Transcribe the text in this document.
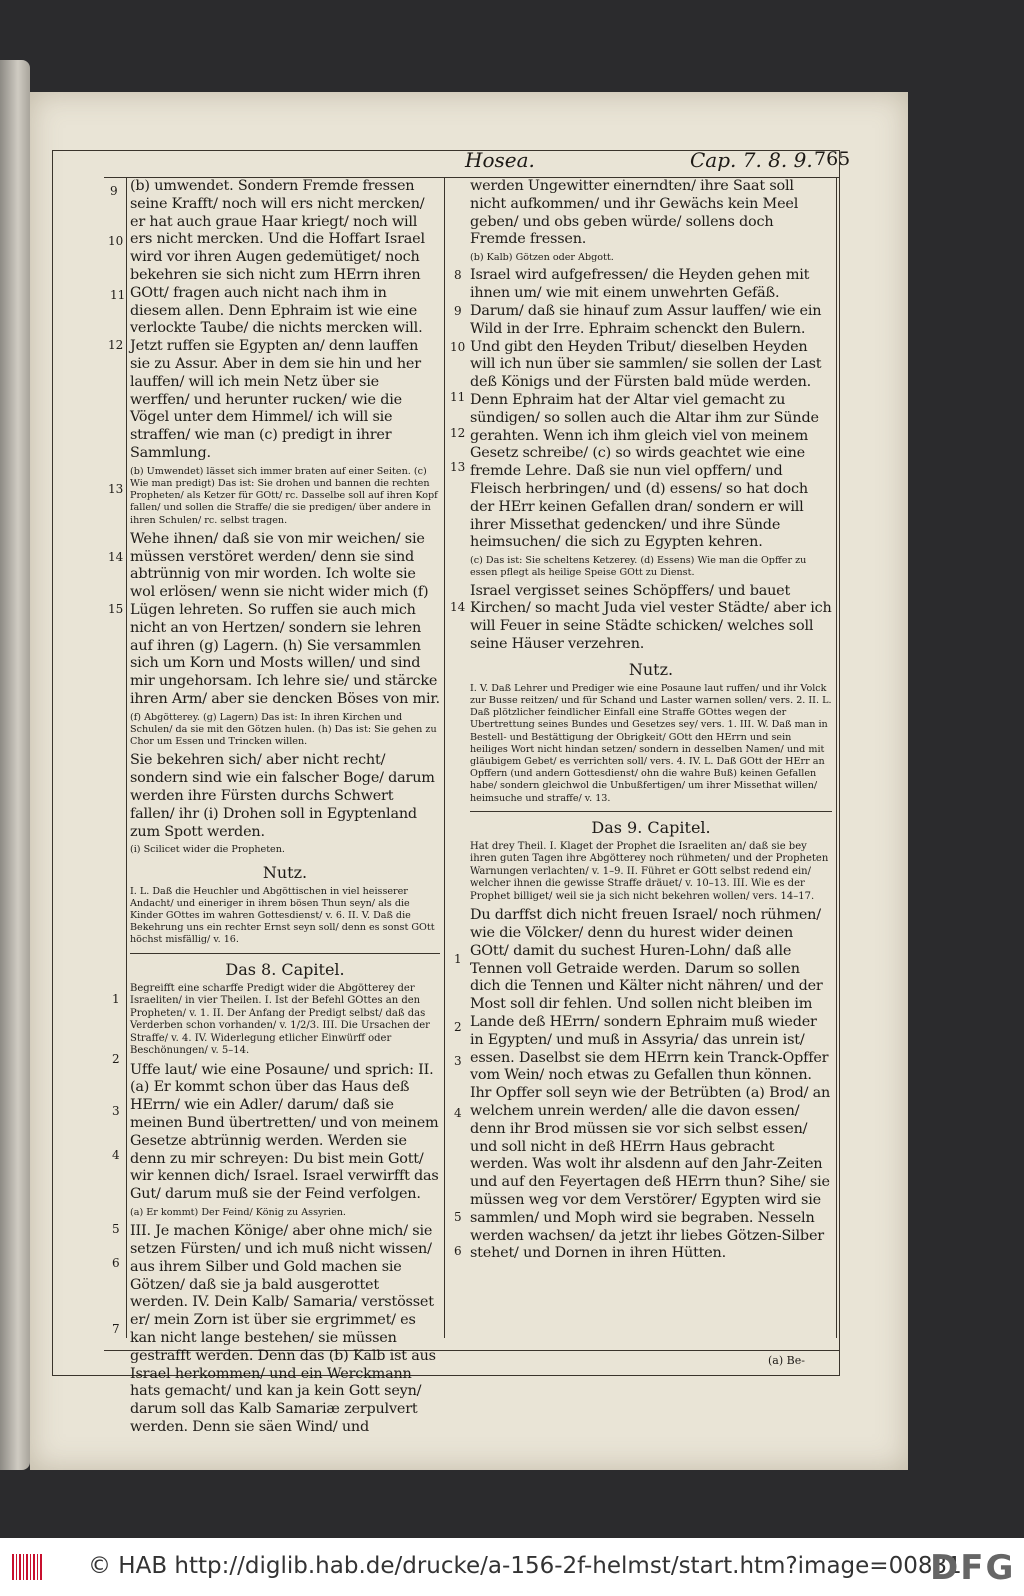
Hosea.	Cap. 7. 8. 9. 765
9
10
11
12
13
14
15
1
2
3
4
5
6
7
8
9
10
11
12
13
14
1
2
3
4
5
6

(b) umwendet. Sondern Fremde fressen seine Krafft/ noch will ers nicht mercken/ er hat auch graue Haar kriegt/ noch will ers nicht mercken. Und die Hoffart Israel wird vor ihren Augen gedemütiget/ noch bekehren sie sich nicht zum HErrn ihren GOtt/ fragen auch nicht nach ihm in diesem allen. Denn Ephraim ist wie eine verlockte Taube/ die nichts mercken will. Jetzt ruffen sie Egypten an/ denn lauffen sie zu Assur. Aber in dem sie hin und her lauffen/ will ich mein Netz über sie werffen/ und herunter rucken/ wie die Vögel unter dem Himmel/ ich will sie straffen/ wie man (c) predigt in ihrer Sammlung.

(b) Umwendet) lässet sich immer braten auf einer Seiten. (c) Wie man predigt) Das ist: Sie drohen und bannen die rechten Propheten/ als Ketzer für GOtt/ rc. Dasselbe soll auf ihren Kopf fallen/ und sollen die Straffe/ die sie predigen/ über andere in ihren Schulen/ rc. selbst tragen.

Wehe ihnen/ daß sie von mir weichen/ sie müssen verstöret werden/ denn sie sind abtrünnig von mir worden. Ich wolte sie wol erlösen/ wenn sie nicht wider mich (f) Lügen lehreten. So ruffen sie auch mich nicht an von Hertzen/ sondern sie lehren auf ihren (g) Lagern. (h) Sie versammlen sich um Korn und Mosts willen/ und sind mir ungehorsam. Ich lehre sie/ und stärcke ihren Arm/ aber sie dencken Böses von mir.

(f) Abgötterey. (g) Lagern) Das ist: In ihren Kirchen und Schulen/ da sie mit den Götzen hulen. (h) Das ist: Sie gehen zu Chor um Essen und Trincken willen.

Sie bekehren sich/ aber nicht recht/ sondern sind wie ein falscher Boge/ darum werden ihre Fürsten durchs Schwert fallen/ ihr (i) Drohen soll in Egyptenland zum Spott werden.

(i) Scilicet wider die Propheten.

Nutz.

I. L. Daß die Heuchler und Abgöttischen in viel heisserer Andacht/ und eineriger in ihrem bösen Thun seyn/ als die Kinder GOttes im wahren Gottesdienst/ v. 6. II. V. Daß die Bekehrung uns ein rechter Ernst seyn soll/ denn es sonst GOtt höchst misfällig/ v. 16.

Das 8. Capitel.

Begreifft eine scharffe Predigt wider die Abgötterey der Israeliten/ in vier Theilen. I. Ist der Befehl GOttes an den Propheten/ v. 1. II. Der Anfang der Predigt selbst/ daß das Verderben schon vorhanden/ v. 1/2/3. III. Die Ursachen der Straffe/ v. 4. IV. Widerlegung etlicher Einwürff oder Beschönungen/ v. 5–14.

Uffe laut/ wie eine Posaune/ und sprich: II. (a) Er kommt schon über das Haus deß HErrn/ wie ein Adler/ darum/ daß sie meinen Bund übertretten/ und von meinem Gesetze abtrünnig werden. Werden sie denn zu mir schreyen: Du bist mein Gott/ wir kennen dich/ Israel. Israel verwirfft das Gut/ darum muß sie der Feind verfolgen.

(a) Er kommt) Der Feind/ König zu Assyrien.

III. Je machen Könige/ aber ohne mich/ sie setzen Fürsten/ und ich muß nicht wissen/ aus ihrem Silber und Gold machen sie Götzen/ daß sie ja bald ausgerottet werden. IV. Dein Kalb/ Samaria/ verstösset er/ mein Zorn ist über sie ergrimmet/ es kan nicht lange bestehen/ sie müssen gestrafft werden. Denn das (b) Kalb ist aus Israel herkommen/ und ein Werckmann hats gemacht/ und kan ja kein Gott seyn/ darum soll das Kalb Samariæ zerpulvert werden. Denn sie säen Wind/ und

werden Ungewitter einerndten/ ihre Saat soll nicht aufkommen/ und ihr Gewächs kein Meel geben/ und obs geben würde/ sollens doch Fremde fressen.

(b) Kalb) Götzen oder Abgott.

Israel wird aufgefressen/ die Heyden gehen mit ihnen um/ wie mit einem unwehrten Gefäß. Darum/ daß sie hinauf zum Assur lauffen/ wie ein Wild in der Irre. Ephraim schenckt den Bulern. Und gibt den Heyden Tribut/ dieselben Heyden will ich nun über sie sammlen/ sie sollen der Last deß Königs und der Fürsten bald müde werden. Denn Ephraim hat der Altar viel gemacht zu sündigen/ so sollen auch die Altar ihm zur Sünde gerahten. Wenn ich ihm gleich viel von meinem Gesetz schreibe/ (c) so wirds geachtet wie eine fremde Lehre. Daß sie nun viel opffern/ und Fleisch herbringen/ und (d) essens/ so hat doch der HErr keinen Gefallen dran/ sondern er will ihrer Missethat gedencken/ und ihre Sünde heimsuchen/ die sich zu Egypten kehren.

(c) Das ist: Sie scheltens Ketzerey. (d) Essens) Wie man die Opffer zu essen pflegt als heilige Speise GOtt zu Dienst.

Israel vergisset seines Schöpffers/ und bauet Kirchen/ so macht Juda viel vester Städte/ aber ich will Feuer in seine Städte schicken/ welches soll seine Häuser verzehren.

Nutz.

I. V. Daß Lehrer und Prediger wie eine Posaune laut ruffen/ und ihr Volck zur Busse reitzen/ und für Schand und Laster warnen sollen/ vers. 2. II. L. Daß plötzlicher feindlicher Einfall eine Straffe GOttes wegen der Ubertrettung seines Bundes und Gesetzes sey/ vers. 1. III. W. Daß man in Bestell- und Bestättigung der Obrigkeit/ GOtt den HErrn und sein heiliges Wort nicht hindan setzen/ sondern in desselben Namen/ und mit gläubigem Gebet/ es verrichten soll/ vers. 4. IV. L. Daß GOtt der HErr an Opffern (und andern Gottesdienst/ ohn die wahre Buß) keinen Gefallen habe/ sondern gleichwol die Unbußfertigen/ um ihrer Missethat willen/ heimsuche und straffe/ v. 13.

Das 9. Capitel.

Hat drey Theil. I. Klaget der Prophet die Israeliten an/ daß sie bey ihren guten Tagen ihre Abgötterey noch rühmeten/ und der Propheten Warnungen verlachten/ v. 1–9. II. Führet er GOtt selbst redend ein/ welcher ihnen die gewisse Straffe dräuet/ v. 10–13. III. Wie es der Prophet billiget/ weil sie ja sich nicht bekehren wollen/ vers. 14–17.

Du darffst dich nicht freuen Israel/ noch rühmen/ wie die Völcker/ denn du hurest wider deinen GOtt/ damit du suchest Huren-Lohn/ daß alle Tennen voll Getraide werden. Darum so sollen dich die Tennen und Kälter nicht nähren/ und der Most soll dir fehlen. Und sollen nicht bleiben im Lande deß HErrn/ sondern Ephraim muß wieder in Egypten/ und muß in Assyria/ das unrein ist/ essen. Daselbst sie dem HErrn kein Tranck-Opffer vom Wein/ noch etwas zu Gefallen thun können. Ihr Opffer soll seyn wie der Betrübten (a) Brod/ an welchem unrein werden/ alle die davon essen/ denn ihr Brod müssen sie vor sich selbst essen/ und soll nicht in deß HErrn Haus gebracht werden. Was wolt ihr alsdenn auf den Jahr-Zeiten und auf den Feyertagen deß HErrn thun? Sihe/ sie müssen weg vor dem Verstörer/ Egypten wird sie sammlen/ und Moph wird sie begraben. Nesseln werden wachsen/ da jetzt ihr liebes Götzen-Silber stehet/ und Dornen in ihren Hütten.

(a) Be-
© HAB http://diglib.hab.de/drucke/a-156-2f-helmst/start.htm?image=00831
DFG
